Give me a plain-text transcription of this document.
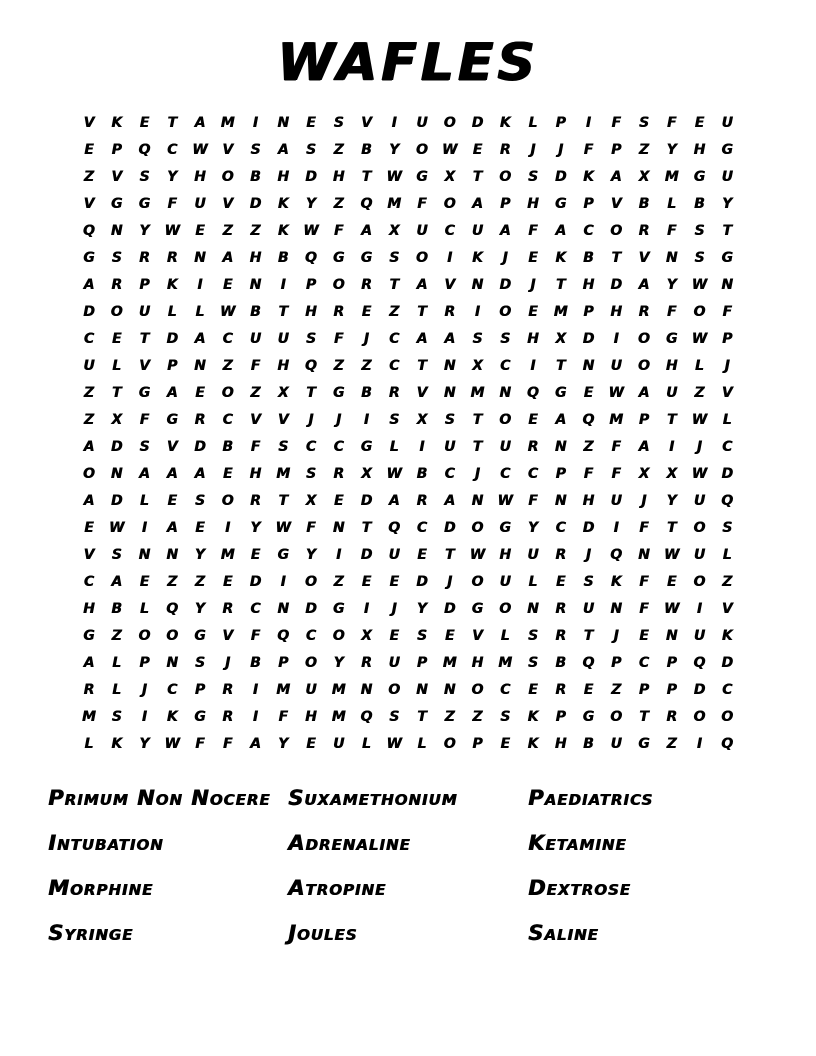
WAFLES
V	K	E	T	A	M	I	N	E	S	V	I	U	O	D	K	L	P	I	F	S	F	E	U
E	P	Q	C	W	V	S	A	S	Z	B	Y	O	W	E	R	J	J	F	P	Z	Y	H	G
Z	V	S	Y	H	O	B	H	D	H	T	W	G	X	T	O	S	D	K	A	X	M	G	U
V	G	G	F	U	V	D	K	Y	Z	Q	M	F	O	A	P	H	G	P	V	B	L	B	Y
Q	N	Y	W	E	Z	Z	K	W	F	A	X	U	C	U	A	F	A	C	O	R	F	S	T
G	S	R	R	N	A	H	B	Q	G	G	S	O	I	K	J	E	K	B	T	V	N	S	G
A	R	P	K	I	E	N	I	P	O	R	T	A	V	N	D	J	T	H	D	A	Y	W	N
D	O	U	L	L	W	B	T	H	R	E	Z	T	R	I	O	E	M	P	H	R	F	O	F
C	E	T	D	A	C	U	U	S	F	J	C	A	A	S	S	H	X	D	I	O	G	W	P
U	L	V	P	N	Z	F	H	Q	Z	Z	C	T	N	X	C	I	T	N	U	O	H	L	J
Z	T	G	A	E	O	Z	X	T	G	B	R	V	N	M	N	Q	G	E	W	A	U	Z	V
Z	X	F	G	R	C	V	V	J	J	I	S	X	S	T	O	E	A	Q	M	P	T	W	L
A	D	S	V	D	B	F	S	C	C	G	L	I	U	T	U	R	N	Z	F	A	I	J	C
O	N	A	A	A	E	H	M	S	R	X	W	B	C	J	C	C	P	F	F	X	X	W	D
A	D	L	E	S	O	R	T	X	E	D	A	R	A	N	W	F	N	H	U	J	Y	U	Q
E	W	I	A	E	I	Y	W	F	N	T	Q	C	D	O	G	Y	C	D	I	F	T	O	S
V	S	N	N	Y	M	E	G	Y	I	D	U	E	T	W	H	U	R	J	Q	N	W	U	L
C	A	E	Z	Z	E	D	I	O	Z	E	E	D	J	O	U	L	E	S	K	F	E	O	Z
H	B	L	Q	Y	R	C	N	D	G	I	J	Y	D	G	O	N	R	U	N	F	W	I	V
G	Z	O	O	G	V	F	Q	C	O	X	E	S	E	V	L	S	R	T	J	E	N	U	K
A	L	P	N	S	J	B	P	O	Y	R	U	P	M	H	M	S	B	Q	P	C	P	Q	D
R	L	J	C	P	R	I	M	U	M	N	O	N	N	O	C	E	R	E	Z	P	P	D	C
M	S	I	K	G	R	I	F	H	M	Q	S	T	Z	Z	S	K	P	G	O	T	R	O	O
L	K	Y	W	F	F	A	Y	E	U	L	W	L	O	P	E	K	H	B	U	G	Z	I	Q
Primum Non Nocere
Intubation
Morphine
Syringe
Suxamethonium
Adrenaline
Atropine
Joules
Paediatrics
Ketamine
Dextrose
Saline
